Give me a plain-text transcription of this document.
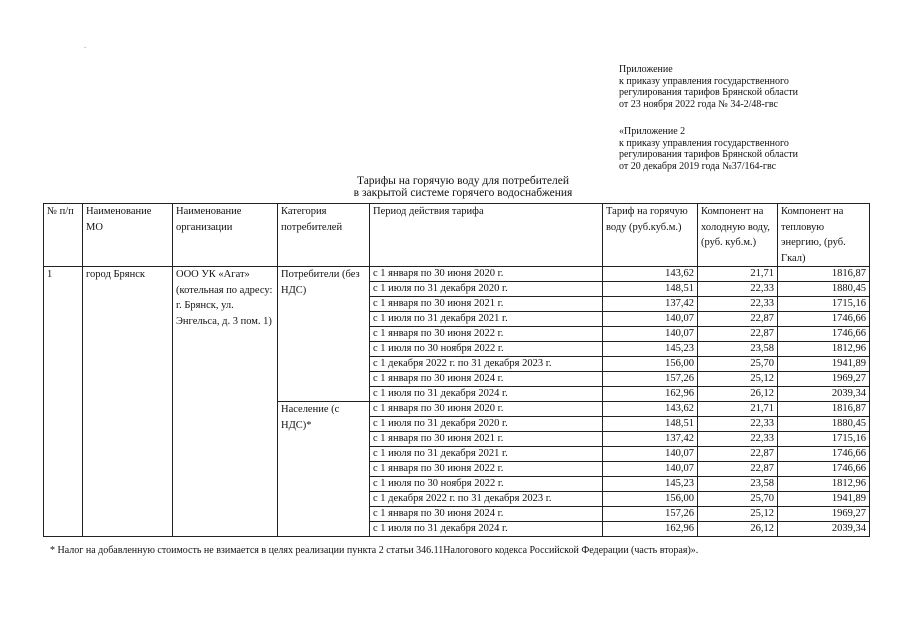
.
Приложение
к приказу управления государственного
регулирования тарифов Брянской области
от 23 ноября 2022 года № 34-2/48-гвс
«Приложение 2
к приказу управления государственного
регулирования тарифов Брянской области
от 20 декабря 2019 года №37/164-гвс
Тарифы на горячую воду для потребителей
в закрытой системе горячего водоснабжения
№ п/п	Наименование МО	Наименование организации	Категория потребителей	Период действия тарифа	Тариф на горячую воду (руб.куб.м.)	Компонент на холодную воду, (руб. куб.м.)	Компонент на тепловую энергию, (руб. Гкал)
1	город Брянск	ООО УК «Агат» (котельная по адресу: г. Брянск, ул. Энгельса, д. 3 пом. 1)	Потребители (без НДС)	с 1 января по 30 июня 2020 г.	143,62	21,71	1816,87
				с 1 июля по 31 декабря 2020 г.	148,51	22,33	1880,45
				с 1 января по 30 июня 2021 г.	137,42	22,33	1715,16
				с 1 июля по 31 декабря 2021 г.	140,07	22,87	1746,66
				с 1 января по 30 июня 2022 г.	140,07	22,87	1746,66
				с 1 июля по 30 ноября 2022 г.	145,23	23,58	1812,96
				с 1 декабря 2022 г. по 31 декабря 2023 г.	156,00	25,70	1941,89
				с 1 января по 30 июня 2024 г.	157,26	25,12	1969,27
				с 1 июля по 31 декабря 2024 г.	162,96	26,12	2039,34
			Население (с НДС)*	с 1 января по 30 июня 2020 г.	143,62	21,71	1816,87
				с 1 июля по 31 декабря 2020 г.	148,51	22,33	1880,45
				с 1 января по 30 июня 2021 г.	137,42	22,33	1715,16
				с 1 июля по 31 декабря 2021 г.	140,07	22,87	1746,66
				с 1 января по 30 июня 2022 г.	140,07	22,87	1746,66
				с 1 июля по 30 ноября 2022 г.	145,23	23,58	1812,96
				с 1 декабря 2022 г. по 31 декабря 2023 г.	156,00	25,70	1941,89
				с 1 января по 30 июня 2024 г.	157,26	25,12	1969,27
				с 1 июля по 31 декабря 2024 г.	162,96	26,12	2039,34
* Налог на добавленную стоимость не взимается в целях реализации пункта 2 статьи 346.11Налогового кодекса Российской Федерации (часть вторая)».
